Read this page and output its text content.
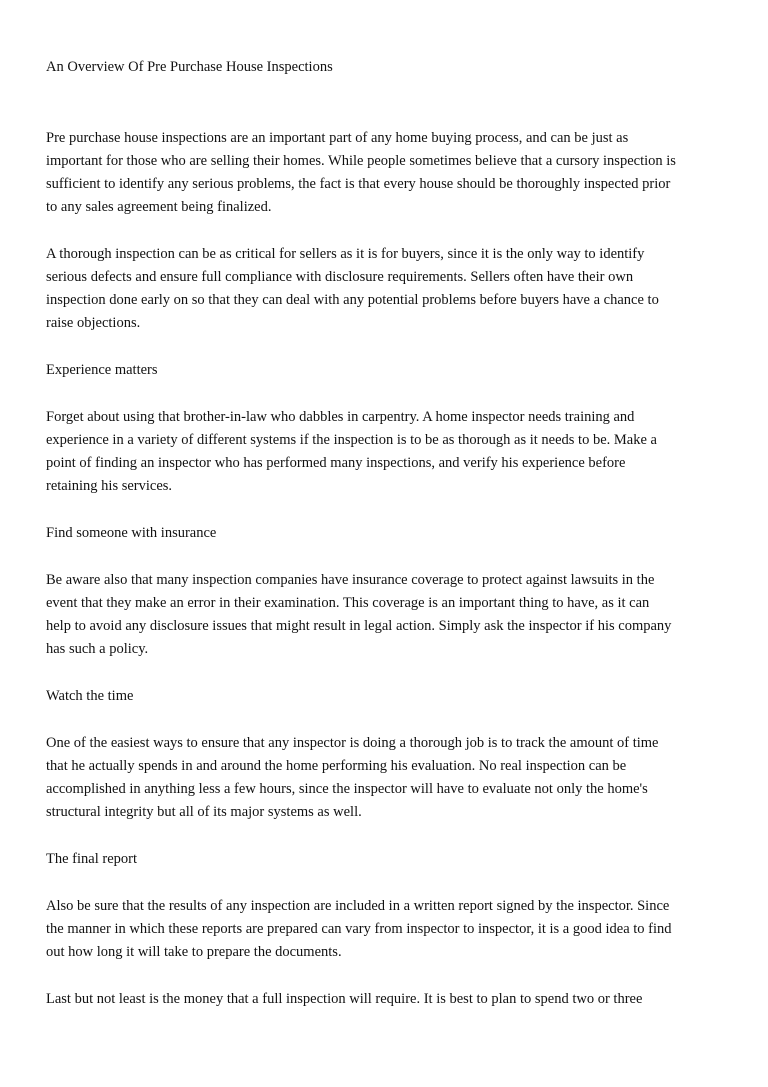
An Overview Of Pre Purchase House Inspections
Pre purchase house inspections are an important part of any home buying process, and can be just as
important for those who are selling their homes. While people sometimes believe that a cursory inspection is
sufficient to identify any serious problems, the fact is that every house should be thoroughly inspected prior
to any sales agreement being finalized.
A thorough inspection can be as critical for sellers as it is for buyers, since it is the only way to identify
serious defects and ensure full compliance with disclosure requirements. Sellers often have their own
inspection done early on so that they can deal with any potential problems before buyers have a chance to
raise objections.
Experience matters
Forget about using that brother-in-law who dabbles in carpentry. A home inspector needs training and
experience in a variety of different systems if the inspection is to be as thorough as it needs to be. Make a
point of finding an inspector who has performed many inspections, and verify his experience before
retaining his services.
Find someone with insurance
Be aware also that many inspection companies have insurance coverage to protect against lawsuits in the
event that they make an error in their examination. This coverage is an important thing to have, as it can
help to avoid any disclosure issues that might result in legal action. Simply ask the inspector if his company
has such a policy.
Watch the time
One of the easiest ways to ensure that any inspector is doing a thorough job is to track the amount of time
that he actually spends in and around the home performing his evaluation. No real inspection can be
accomplished in anything less a few hours, since the inspector will have to evaluate not only the home's
structural integrity but all of its major systems as well.
The final report
Also be sure that the results of any inspection are included in a written report signed by the inspector. Since
the manner in which these reports are prepared can vary from inspector to inspector, it is a good idea to find
out how long it will take to prepare the documents.
Last but not least is the money that a full inspection will require. It is best to plan to spend two or three
